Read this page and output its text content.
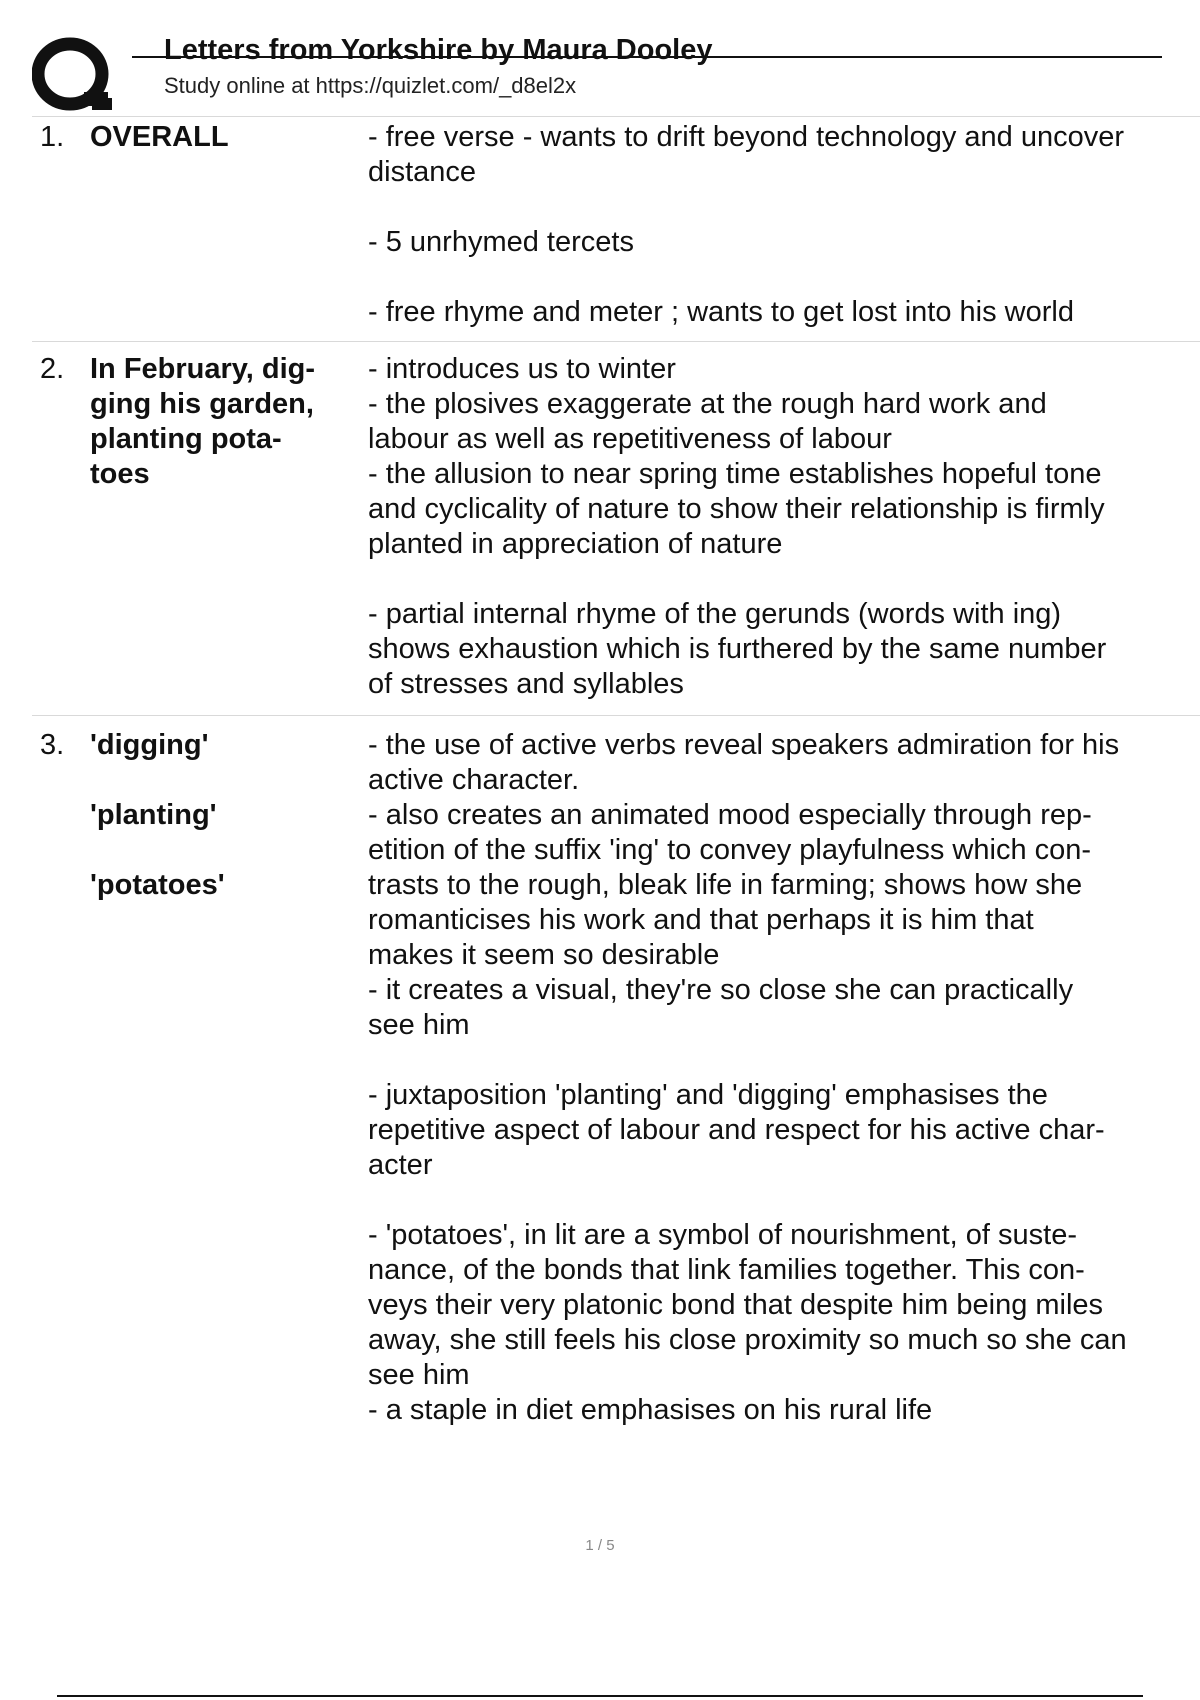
Letters from Yorkshire by Maura Dooley
Study online at https://quizlet.com/_d8el2x
1. OVERALL	- free verse - wants to drift beyond technology and uncover
distance
- 5 unrhymed tercets
- free rhyme and meter ; wants to get lost into his world
2. In February, dig-
ging his garden,
planting pota-
toes
- introduces us to winter
- the plosives exaggerate at the rough hard work and
labour as well as repetitiveness of labour
- the allusion to near spring time establishes hopeful tone
and cyclicality of nature to show their relationship is firmly
planted in appreciation of nature
- partial internal rhyme of the gerunds (words with ing)
shows exhaustion which is furthered by the same number
of stresses and syllables
3. 'digging'
'planting'
'potatoes'
- the use of active verbs reveal speakers admiration for his
active character.
- also creates an animated mood especially through rep-
etition of the suffix 'ing' to convey playfulness which con-
trasts to the rough, bleak life in farming; shows how she
romanticises his work and that perhaps it is him that
makes it seem so desirable
- it creates a visual, they're so close she can practically
see him
- juxtaposition 'planting' and 'digging' emphasises the
repetitive aspect of labour and respect for his active char-
acter
- 'potatoes', in lit are a symbol of nourishment, of suste-
nance, of the bonds that link families together. This con-
veys their very platonic bond that despite him being miles
away, she still feels his close proximity so much so she can
see him
- a staple in diet emphasises on his rural life
1 / 5
